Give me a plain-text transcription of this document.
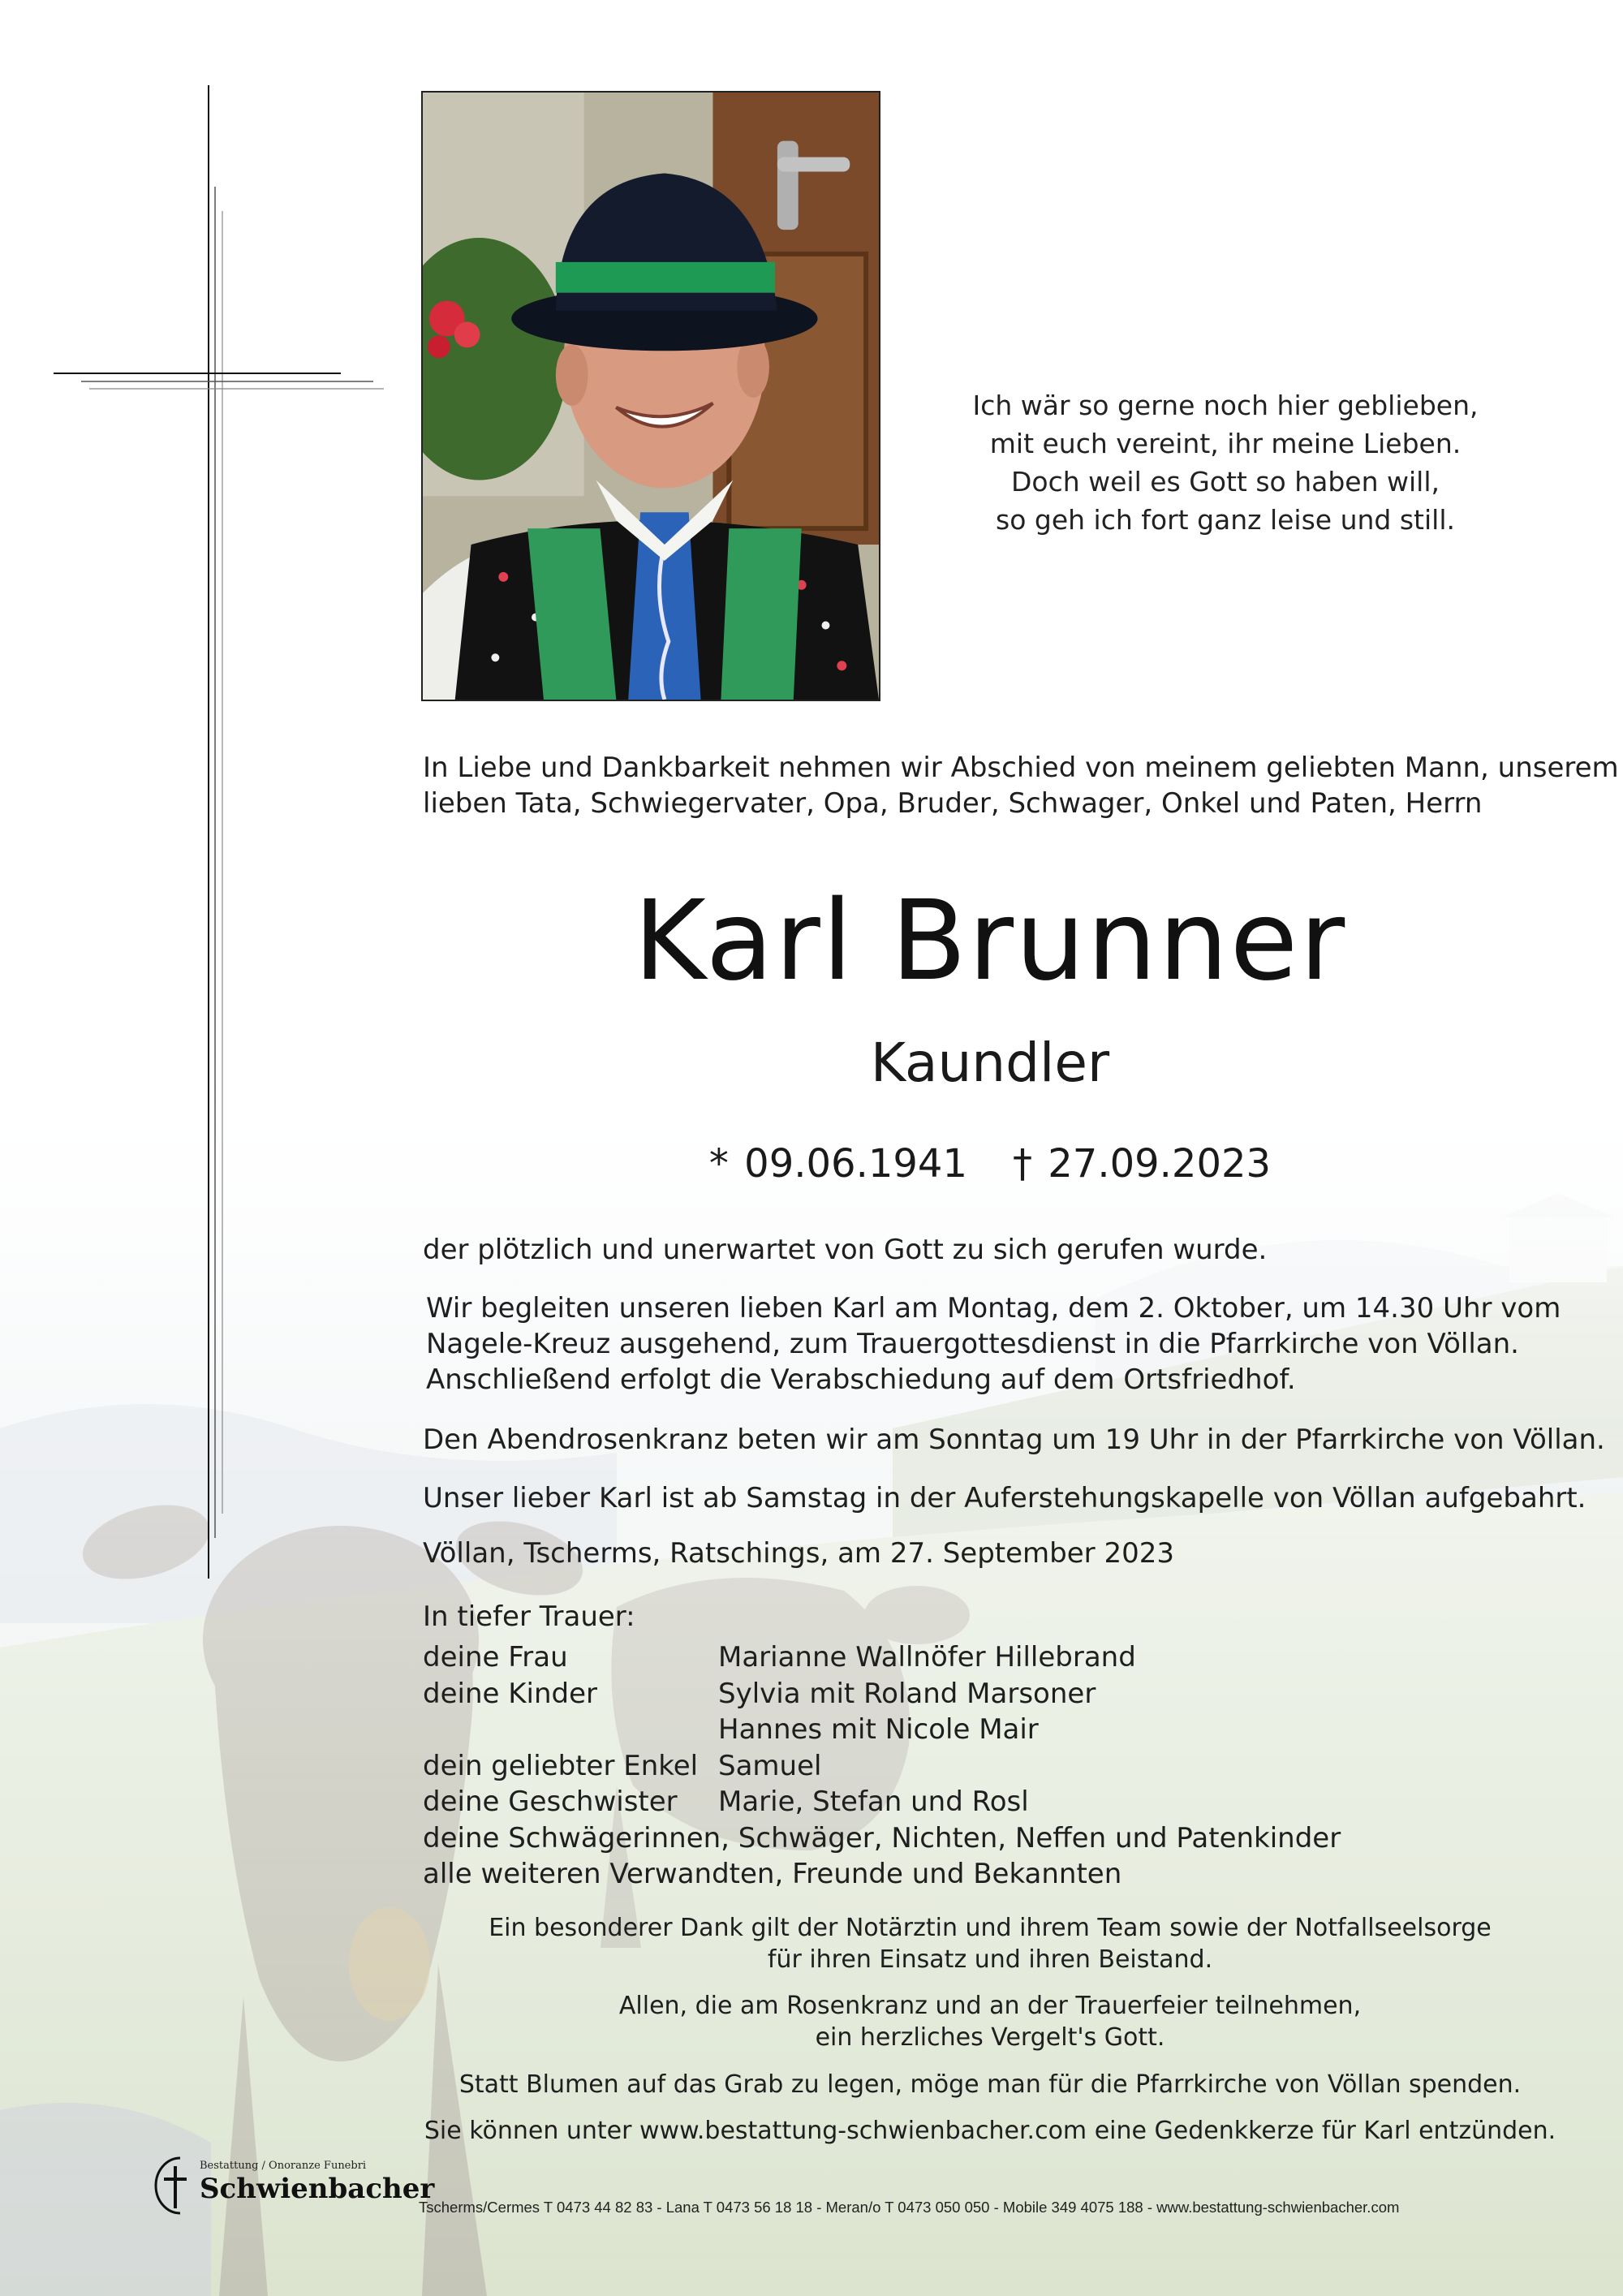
Ich wär so gerne noch hier geblieben,
mit euch vereint, ihr meine Lieben.
Doch weil es Gott so haben will,
so geh ich fort ganz leise und still.
In Liebe und Dankbarkeit nehmen wir Abschied von meinem geliebten Mann, unserem
lieben Tata, Schwiegervater, Opa, Bruder, Schwager, Onkel und Paten, Herrn
Karl Brunner
Kaundler
* 09.06.1941 † 27.09.2023
der plötzlich und unerwartet von Gott zu sich gerufen wurde.
Wir begleiten unseren lieben Karl am Montag, dem 2. Oktober, um 14.30 Uhr vom
Nagele-Kreuz ausgehend, zum Trauergottesdienst in die Pfarrkirche von Völlan.
Anschließend erfolgt die Verabschiedung auf dem Ortsfriedhof.
Den Abendrosenkranz beten wir am Sonntag um 19 Uhr in der Pfarrkirche von Völlan.
Unser lieber Karl ist ab Samstag in der Auferstehungskapelle von Völlan aufgebahrt.
Völlan, Tscherms, Ratschings, am 27. September 2023
In tiefer Trauer:
deine Frau	Marianne Wallnöfer Hillebrand
deine Kinder	Sylvia mit Roland Marsoner
Hannes mit Nicole Mair
dein geliebter Enkel Samuel
deine Geschwister Marie, Stefan und Rosl
deine Schwägerinnen, Schwäger, Nichten, Neffen und Patenkinder
alle weiteren Verwandten, Freunde und Bekannten
Ein besonderer Dank gilt der Notärztin und ihrem Team sowie der Notfallseelsorge
für ihren Einsatz und ihren Beistand.
Allen, die am Rosenkranz und an der Trauerfeier teilnehmen,
ein herzliches Vergelt's Gott.
Statt Blumen auf das Grab zu legen, möge man für die Pfarrkirche von Völlan spenden.
Sie können unter www.bestattung-schwienbacher.com eine Gedenkkerze für Karl entzünden.
Bestattung / Onoranze Funebri
Schwienbacher
Tscherms/Cermes T 0473 44 82 83 - Lana T 0473 56 18 18 - Meran/o T 0473 050 050 - Mobile 349 4075 188 - www.bestattung-schwienbacher.com
